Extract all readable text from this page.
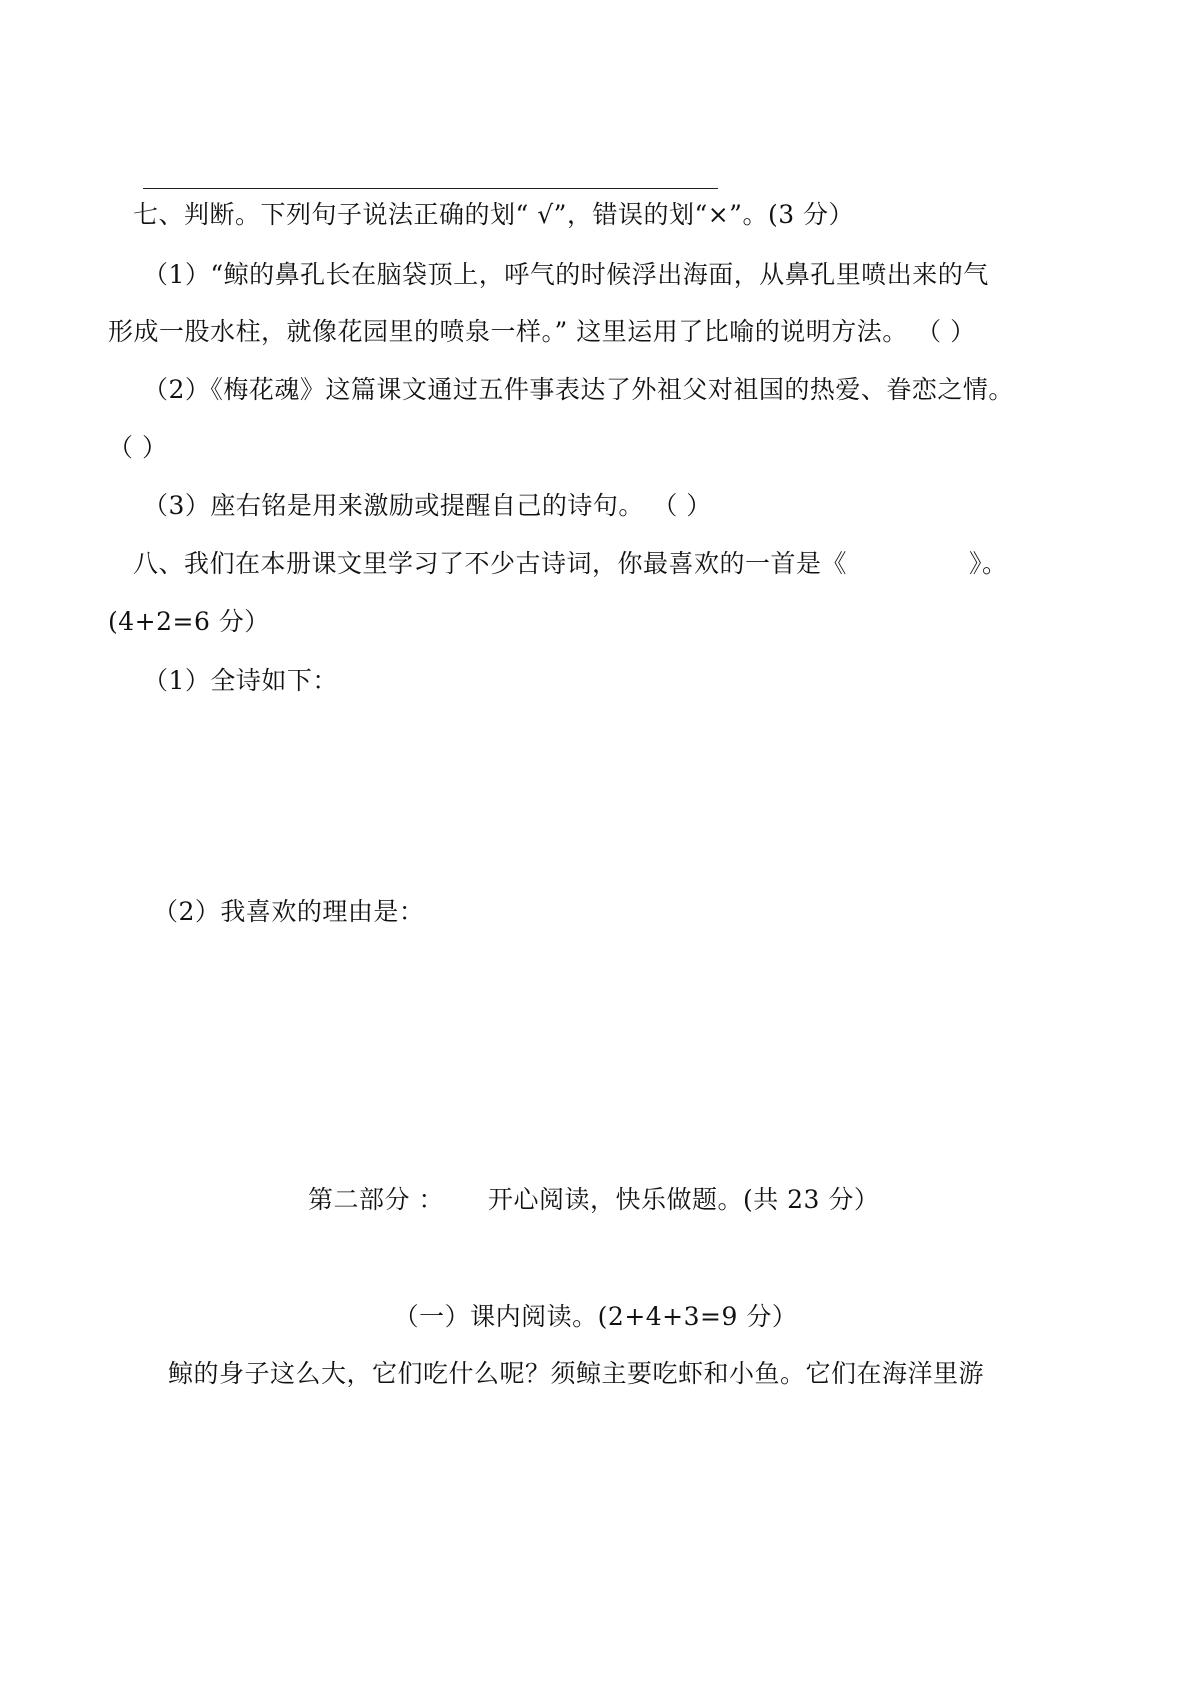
七、判断。下列句子说法正确的划“ √”，错误的划“×”。(3 分）
（1）“鲸的鼻孔长在脑袋顶上，呼气的时候浮出海面，从鼻孔里喷出来的气
形成一股水柱，就像花园里的喷泉一样。” 这里运用了比喻的说明方法。 （ ）
（2）《梅花魂》这篇课文通过五件事表达了外祖父对祖国的热爱、眷恋之情。
（ ）
（3）座右铭是用来激励或提醒自己的诗句。 （ ）
八、我们在本册课文里学习了不少古诗词，你最喜欢的一首是《	》。
(4+2=6 分）
（1）全诗如下：
（2）我喜欢的理由是：
第二部分 ： 开心阅读，快乐做题。(共 23 分）
（一）课内阅读。(2+4+3=9 分）
鲸的身子这么大，它们吃什么呢？须鲸主要吃虾和小鱼。它们在海洋里游
